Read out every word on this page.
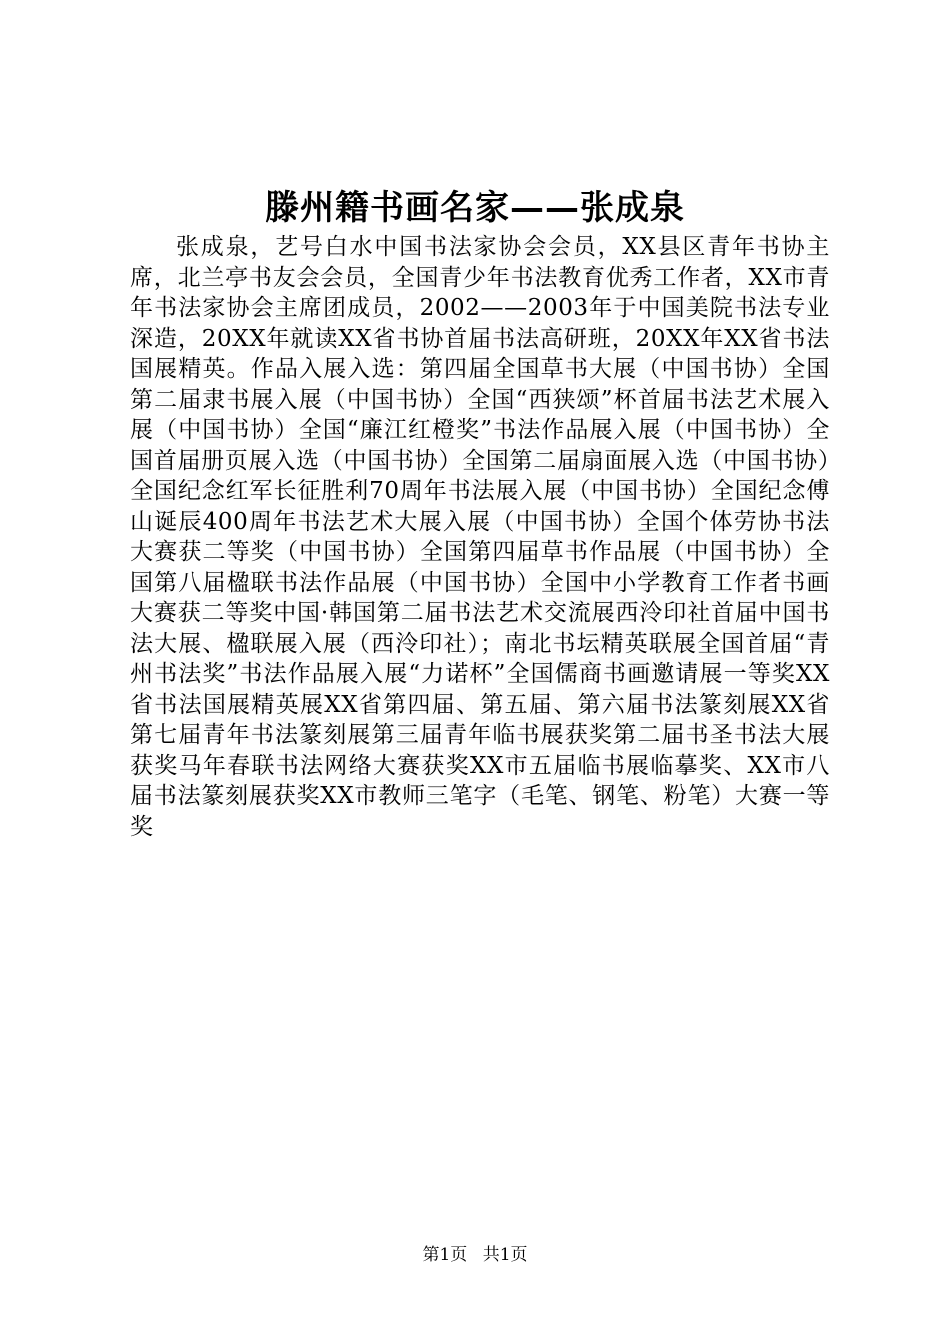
滕州籍书画名家——张成泉

张成泉，艺号白水中国书法家协会会员，XX县区青年书协主席，北兰亭书友会会员，全国青少年书法教育优秀工作者，XX市青年书法家协会主席团成员，2002——2003年于中国美院书法专业深造，20XX年就读XX省书协首届书法高研班，20XX年XX省书法国展精英。作品入展入选：第四届全国草书大展（中国书协）全国第二届隶书展入展（中国书协）全国“西狭颂”杯首届书法艺术展入展（中国书协）全国“廉江红橙奖”书法作品展入展（中国书协）全国首届册页展入选（中国书协）全国第二届扇面展入选（中国书协）全国纪念红军长征胜利70周年书法展入展（中国书协）全国纪念傅山诞辰400周年书法艺术大展入展（中国书协）全国个体劳协书法大赛获二等奖（中国书协）全国第四届草书作品展（中国书协）全国第八届楹联书法作品展（中国书协）全国中小学教育工作者书画大赛获二等奖中国·韩国第二届书法艺术交流展西泠印社首届中国书法大展、楹联展入展（西泠印社）；南北书坛精英联展全国首届“青州书法奖”书法作品展入展“力诺杯”全国儒商书画邀请展一等奖XX省书法国展精英展XX省第四届、第五届、第六届书法篆刻展XX省第七届青年书法篆刻展第三届青年临书展获奖第二届书圣书法大展获奖马年春联书法网络大赛获奖XX市五届临书展临摹奖、XX市八届书法篆刻展获奖XX市教师三笔字（毛笔、钢笔、粉笔）大赛一等奖

第1页 共1页
